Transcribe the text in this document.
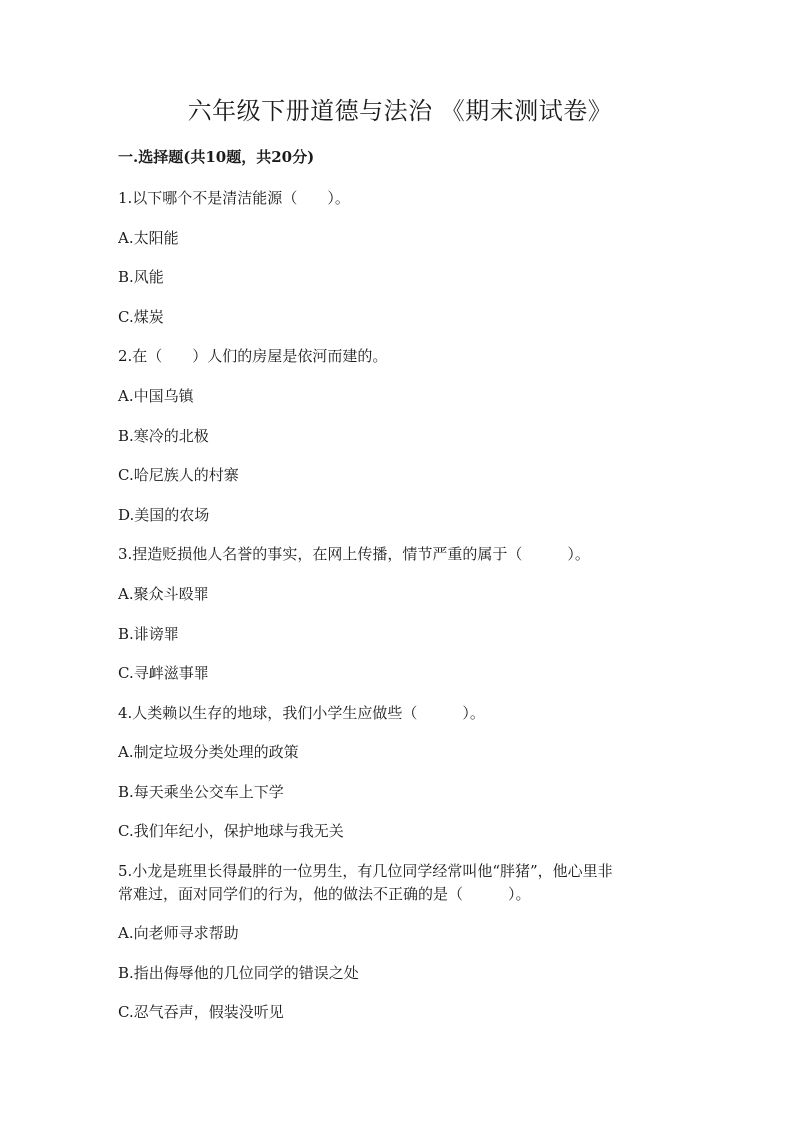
六年级下册道德与法治 《期末测试卷》
一.选择题(共10题，共20分)
1.以下哪个不是清洁能源（　　）。
A.太阳能
B.风能
C.煤炭
2.在（　　）人们的房屋是依河而建的。
A.中国乌镇
B.寒冷的北极
C.哈尼族人的村寨
D.美国的农场
3.捏造贬损他人名誉的事实，在网上传播，情节严重的属于（　　　）。
A.聚众斗殴罪
B.诽谤罪
C.寻衅滋事罪
4.人类赖以生存的地球，我们小学生应做些（　　　）。
A.制定垃圾分类处理的政策
B.每天乘坐公交车上下学
C.我们年纪小，保护地球与我无关
5.小龙是班里长得最胖的一位男生，有几位同学经常叫他“胖猪”，他心里非
常难过，面对同学们的行为，他的做法不正确的是（　　　）。
A.向老师寻求帮助
B.指出侮辱他的几位同学的错误之处
C.忍气吞声，假装没听见
